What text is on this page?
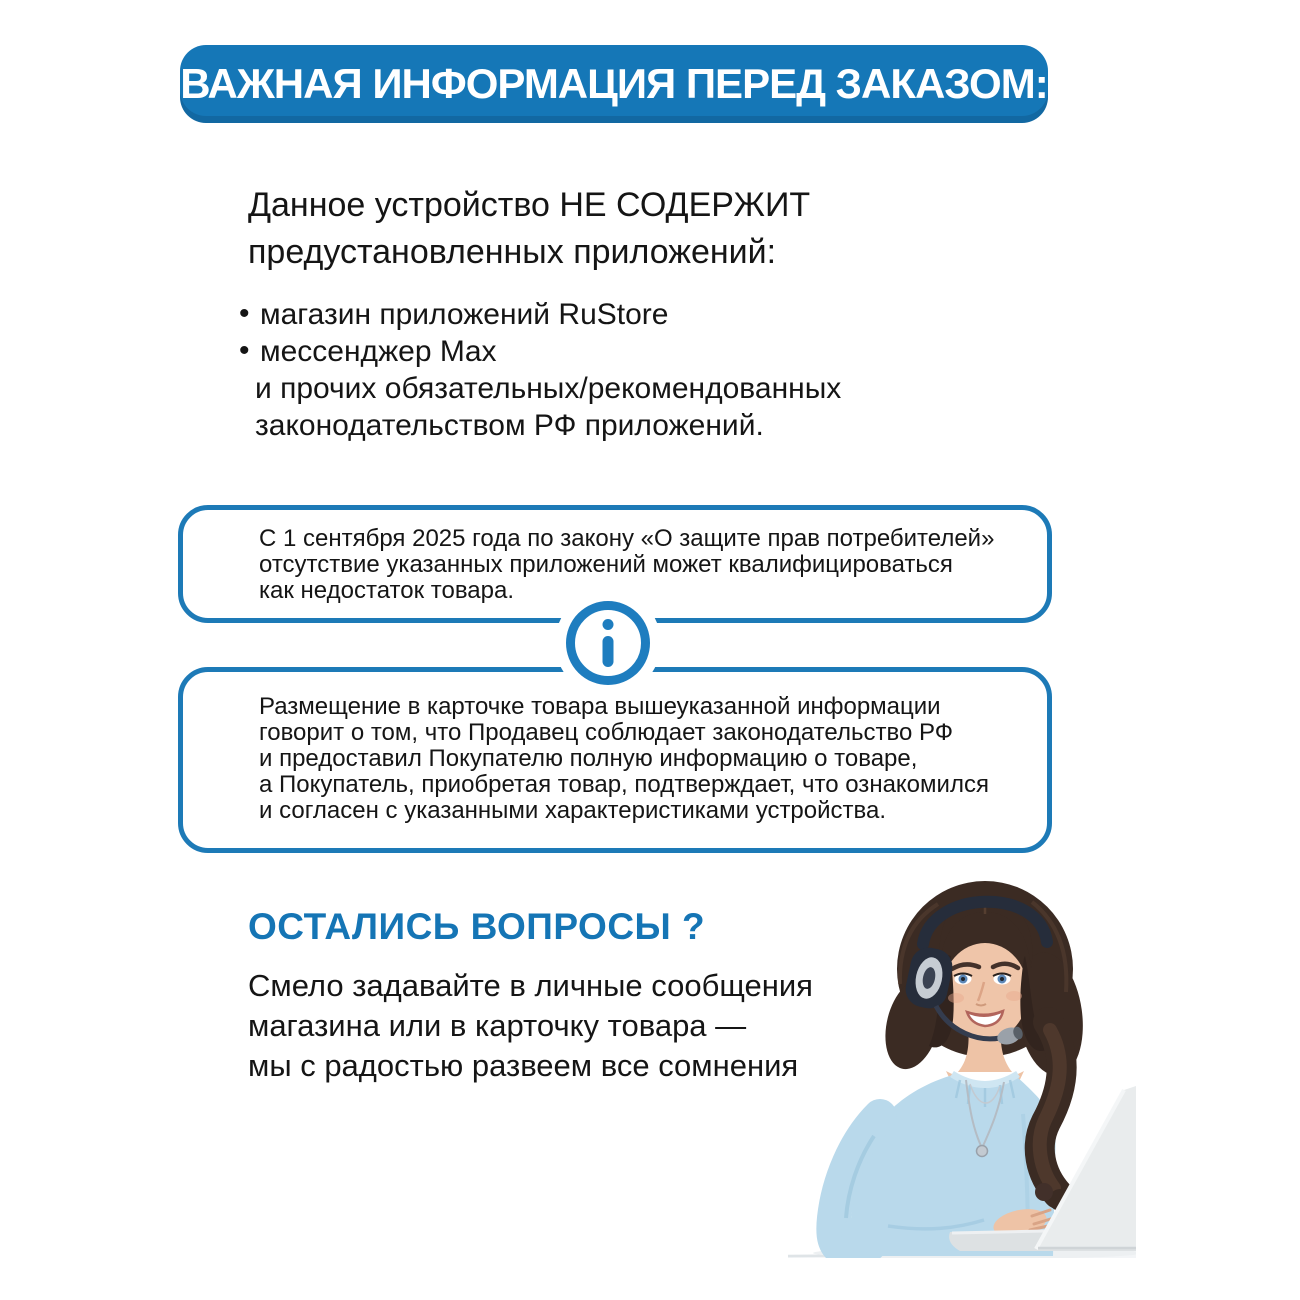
ВАЖНАЯ ИНФОРМАЦИЯ ПЕРЕД ЗАКАЗОМ:
Данное устройство НЕ СОДЕРЖИТ
предустановленных приложений:
• магазин приложений RuStore
• мессенджер Max
и прочих обязательных/рекомендованных
законодательством РФ приложений.
С 1 сентября 2025 года по закону «О защите прав потребителей»
отсутствие указанных приложений может квалифицироваться
как недостаток товара.
Размещение в карточке товара вышеуказанной информации
говорит о том, что Продавец соблюдает законодательство РФ
и предоставил Покупателю полную информацию о товаре,
а Покупатель, приобретая товар, подтверждает, что ознакомился
и согласен с указанными характеристиками устройства.
ОСТАЛИСЬ ВОПРОСЫ ?
Смело задавайте в личные сообщения
магазина или в карточку товара —
мы с радостью развеем все сомнения
